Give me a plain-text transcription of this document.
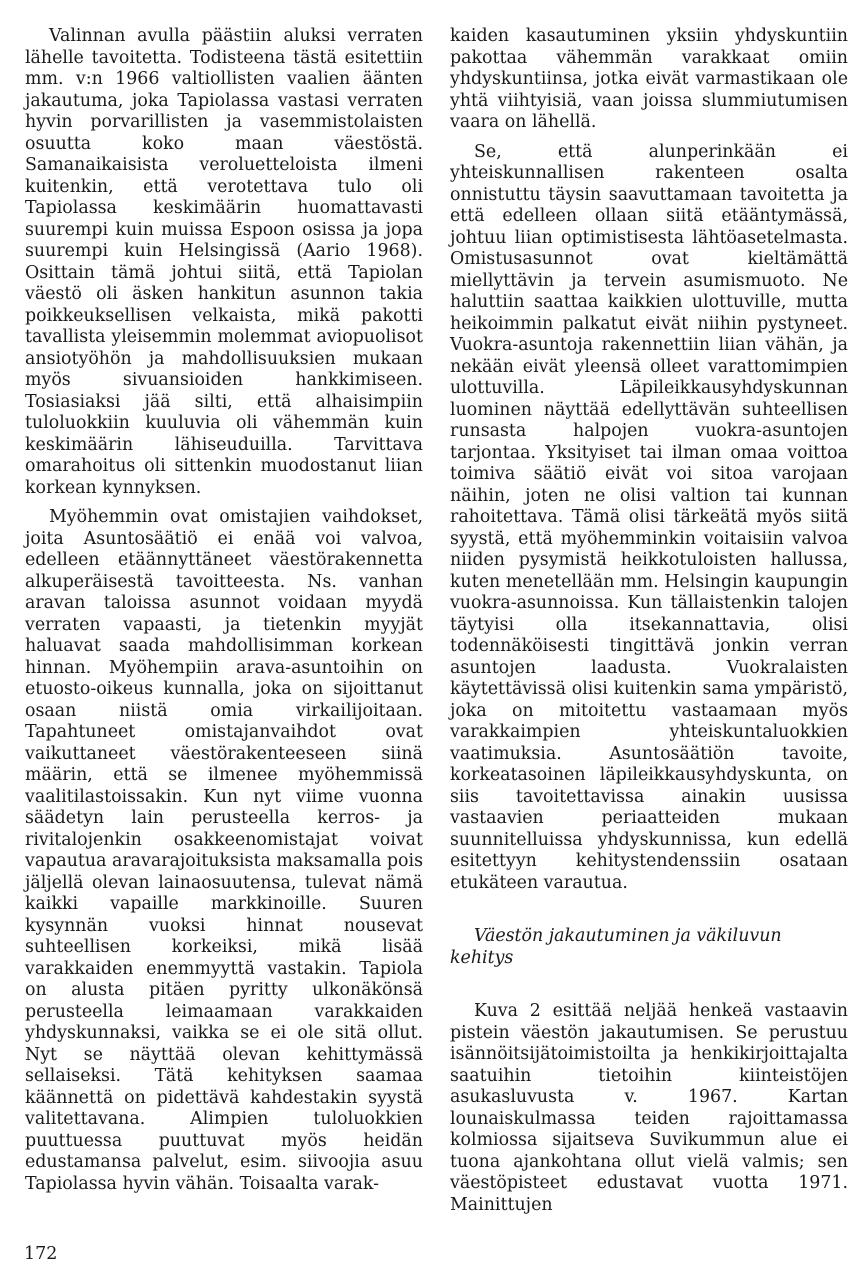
Valinnan avulla päästiin aluksi verraten lähelle tavoitetta. Todisteena tästä esitettiin mm. v:n 1966 valtiollisten vaalien äänten jakautuma, joka Tapiolassa vastasi verraten hyvin porvarillisten ja vasemmistolaisten osuutta koko maan väestöstä. Samanaikaisista veroluetteloista ilmeni kuitenkin, että verotettava tulo oli Tapiolassa keskimäärin huomattavasti suurempi kuin muissa Espoon osissa ja jopa suurempi kuin Helsingissä (Aario 1968). Osittain tämä johtui siitä, että Tapiolan väestö oli äsken hankitun asunnon takia poikkeuksellisen velkaista, mikä pakotti tavallista yleisemmin molemmat aviopuolisot ansiotyöhön ja mahdollisuuksien mukaan myös sivuansioiden hankkimiseen. Tosiasiaksi jää silti, että alhaisimpiin tuloluokkiin kuuluvia oli vähemmän kuin keskimäärin lähiseuduilla. Tarvittava omarahoitus oli sittenkin muodostanut liian korkean kynnyksen.

Myöhemmin ovat omistajien vaihdokset, joita Asuntosäätiö ei enää voi valvoa, edelleen etäännyttäneet väestörakennetta alkuperäisestä tavoitteesta. Ns. vanhan aravan taloissa asunnot voidaan myydä verraten vapaasti, ja tietenkin myyjät haluavat saada mahdollisimman korkean hinnan. Myöhempiin arava-asuntoihin on etuosto-oikeus kunnalla, joka on sijoittanut osaan niistä omia virkailijoitaan. Tapahtuneet omistajanvaihdot ovat vaikuttaneet väestörakenteeseen siinä määrin, että se ilmenee myöhemmissä vaalitilastoissakin. Kun nyt viime vuonna säädetyn lain perusteella kerros- ja rivitalojenkin osakkeenomistajat voivat vapautua aravarajoituksista maksamalla pois jäljellä olevan lainaosuutensa, tulevat nämä kaikki vapaille markkinoille. Suuren kysynnän vuoksi hinnat nousevat suhteellisen korkeiksi, mikä lisää varakkaiden enemmyyttä vastakin. Tapiola on alusta pitäen pyritty ulkonäkönsä perusteella leimaamaan varakkaiden yhdyskunnaksi, vaikka se ei ole sitä ollut. Nyt se näyttää olevan kehittymässä sellaiseksi. Tätä kehityksen saamaa käännettä on pidettävä kahdestakin syystä valitettavana. Alimpien tuloluokkien puuttuessa puuttuvat myös heidän edustamansa palvelut, esim. siivoojia asuu Tapiolassa hyvin vähän. Toisaalta varak-

kaiden kasautuminen yksiin yhdyskuntiin pakottaa vähemmän varakkaat omiin yhdyskuntiinsa, jotka eivät varmastikaan ole yhtä viihtyisiä, vaan joissa slummiutumisen vaara on lähellä.

Se, että alunperinkään ei yhteiskunnallisen rakenteen osalta onnistuttu täysin saavuttamaan tavoitetta ja että edelleen ollaan siitä etääntymässä, johtuu liian optimistisesta lähtöasetelmasta. Omistusasunnot ovat kieltämättä miellyttävin ja tervein asumismuoto. Ne haluttiin saattaa kaikkien ulottuville, mutta heikoimmin palkatut eivät niihin pystyneet. Vuokra-asuntoja rakennettiin liian vähän, ja nekään eivät yleensä olleet varattomimpien ulottuvilla. Läpileikkausyhdyskunnan luominen näyttää edellyttävän suhteellisen runsasta halpojen vuokra-asuntojen tarjontaa. Yksityiset tai ilman omaa voittoa toimiva säätiö eivät voi sitoa varojaan näihin, joten ne olisi valtion tai kunnan rahoitettava. Tämä olisi tärkeätä myös siitä syystä, että myöhemminkin voitaisiin valvoa niiden pysymistä heikkotuloisten hallussa, kuten menetellään mm. Helsingin kaupungin vuokra-asunnoissa. Kun tällaistenkin talojen täytyisi olla itsekannattavia, olisi todennäköisesti tingittävä jonkin verran asuntojen laadusta. Vuokralaisten käytettävissä olisi kuitenkin sama ympäristö, joka on mitoitettu vastaamaan myös varakkaimpien yhteiskuntaluokkien vaatimuksia. Asuntosäätiön tavoite, korkeatasoinen läpileikkausyhdyskunta, on siis tavoitettavissa ainakin uusissa vastaavien periaatteiden mukaan suunnitelluissa yhdyskunnissa, kun edellä esitettyyn kehitystendenssiin osataan etukäteen varautua.

Väestön jakautuminen ja väkiluvun kehitys

Kuva 2 esittää neljää henkeä vastaavin pistein väestön jakautumisen. Se perustuu isännöitsijätoimistoilta ja henkikirjoittajalta saatuihin tietoihin kiinteistöjen asukasluvusta v. 1967. Kartan lounaiskulmassa teiden rajoittamassa kolmiossa sijaitseva Suvikummun alue ei tuona ajankohtana ollut vielä valmis; sen väestöpisteet edustavat vuotta 1971. Mainittujen

172
